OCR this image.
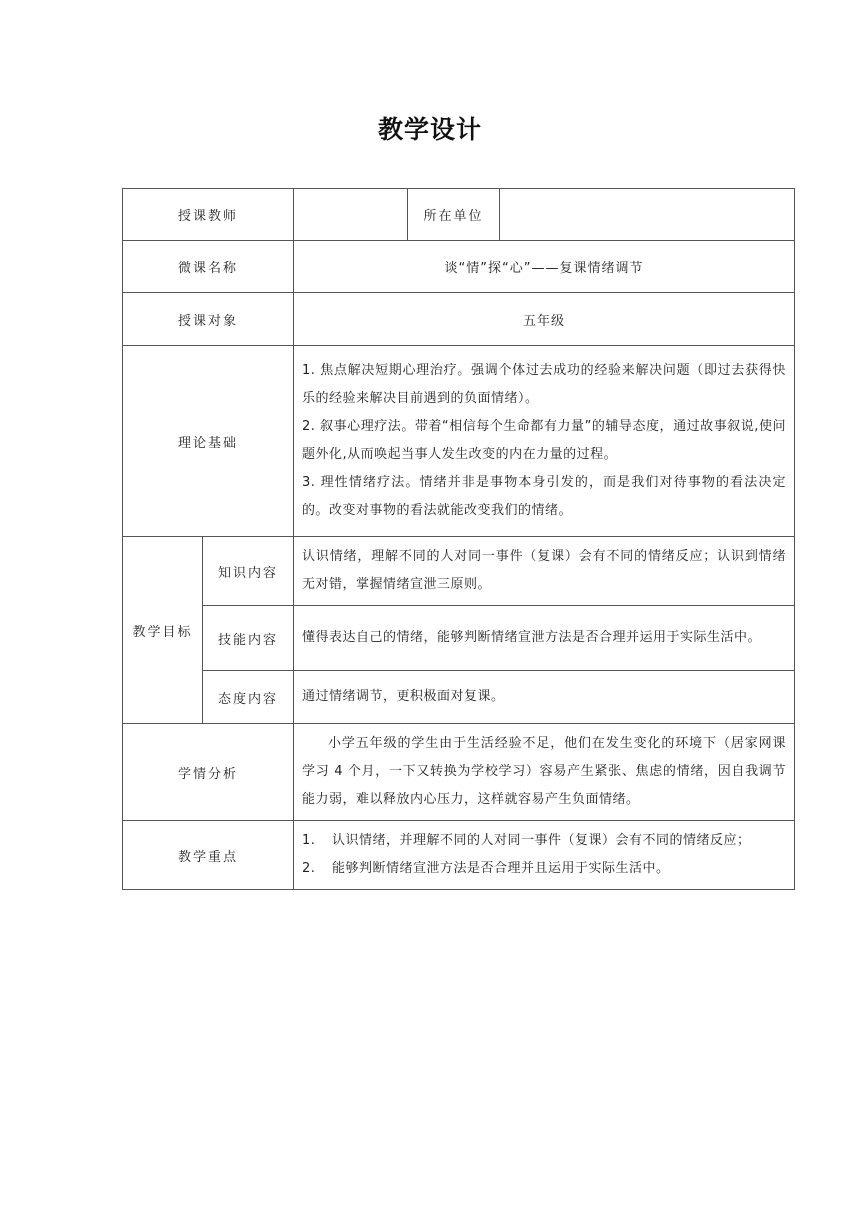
教学设计
授课教师			所在单位	
微课名称		谈“情”探“心”——复课情绪调节		
授课对象		五年级		
理论基础		1. 焦点解决短期心理治疗。强调个体过去成功的经验来解决问题（即过去获得快乐的经验来解决目前遇到的负面情绪）。

2. 叙事心理疗法。带着“相信每个生命都有力量”的辅导态度，通过故事叙说,使问题外化,从而唤起当事人发生改变的内在力量的过程。

3. 理性情绪疗法。情绪并非是事物本身引发的，而是我们对待事物的看法决定的。改变对事物的看法就能改变我们的情绪。		

教学目标	知识内容	认识情绪，理解不同的人对同一事件（复课）会有不同的情绪反应；认识到情绪无对错，掌握情绪宣泄三原则。		
	技能内容	懂得表达自己的情绪，能够判断情绪宣泄方法是否合理并运用于实际生活中。		
	态度内容	通过情绪调节，更积极面对复课。		
学情分析		小学五年级的学生由于生活经验不足，他们在发生变化的环境下（居家网课学习 4 个月，一下又转换为学校学习）容易产生紧张、焦虑的情绪，因自我调节能力弱，难以释放内心压力，这样就容易产生负面情绪。		

教学重点		1. 认识情绪，并理解不同的人对同一事件（复课）会有不同的情绪反应；
2. 能够判断情绪宣泄方法是否合理并且运用于实际生活中。		
